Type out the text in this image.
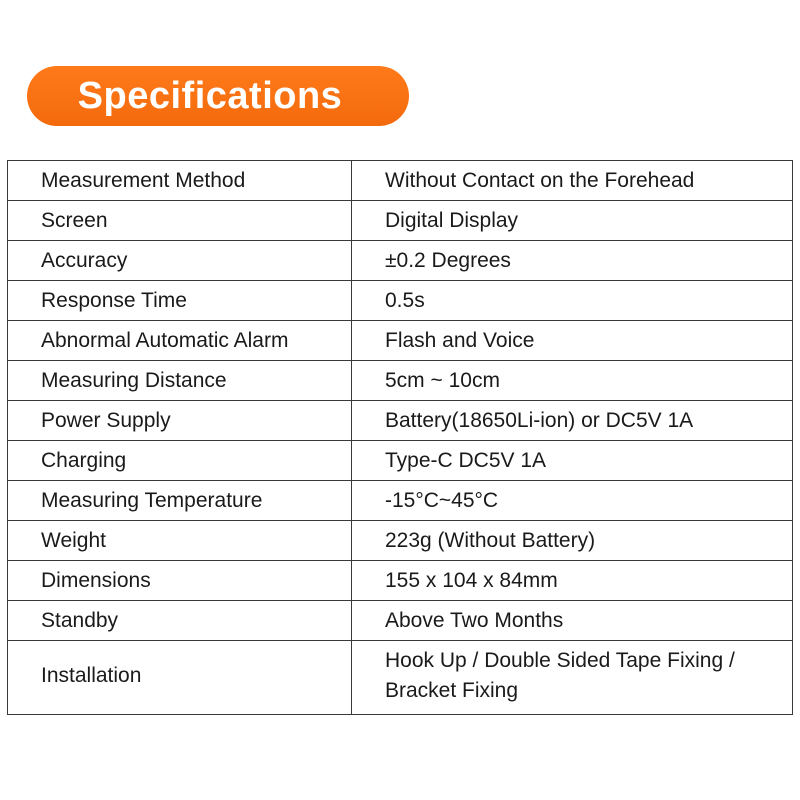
Specifications
Measurement Method	Without Contact on the Forehead
Screen	Digital Display
Accuracy	±0.2 Degrees
Response Time	0.5s
Abnormal Automatic Alarm	Flash and Voice
Measuring Distance	5cm ~ 10cm
Power Supply	Battery(18650Li-ion) or DC5V 1A
Charging	Type-C DC5V 1A
Measuring Temperature	-15°C~45°C
Weight	223g (Without Battery)
Dimensions	155 x 104 x 84mm
Standby	Above Two Months
Installation	Hook Up / Double Sided Tape Fixing / Bracket Fixing
